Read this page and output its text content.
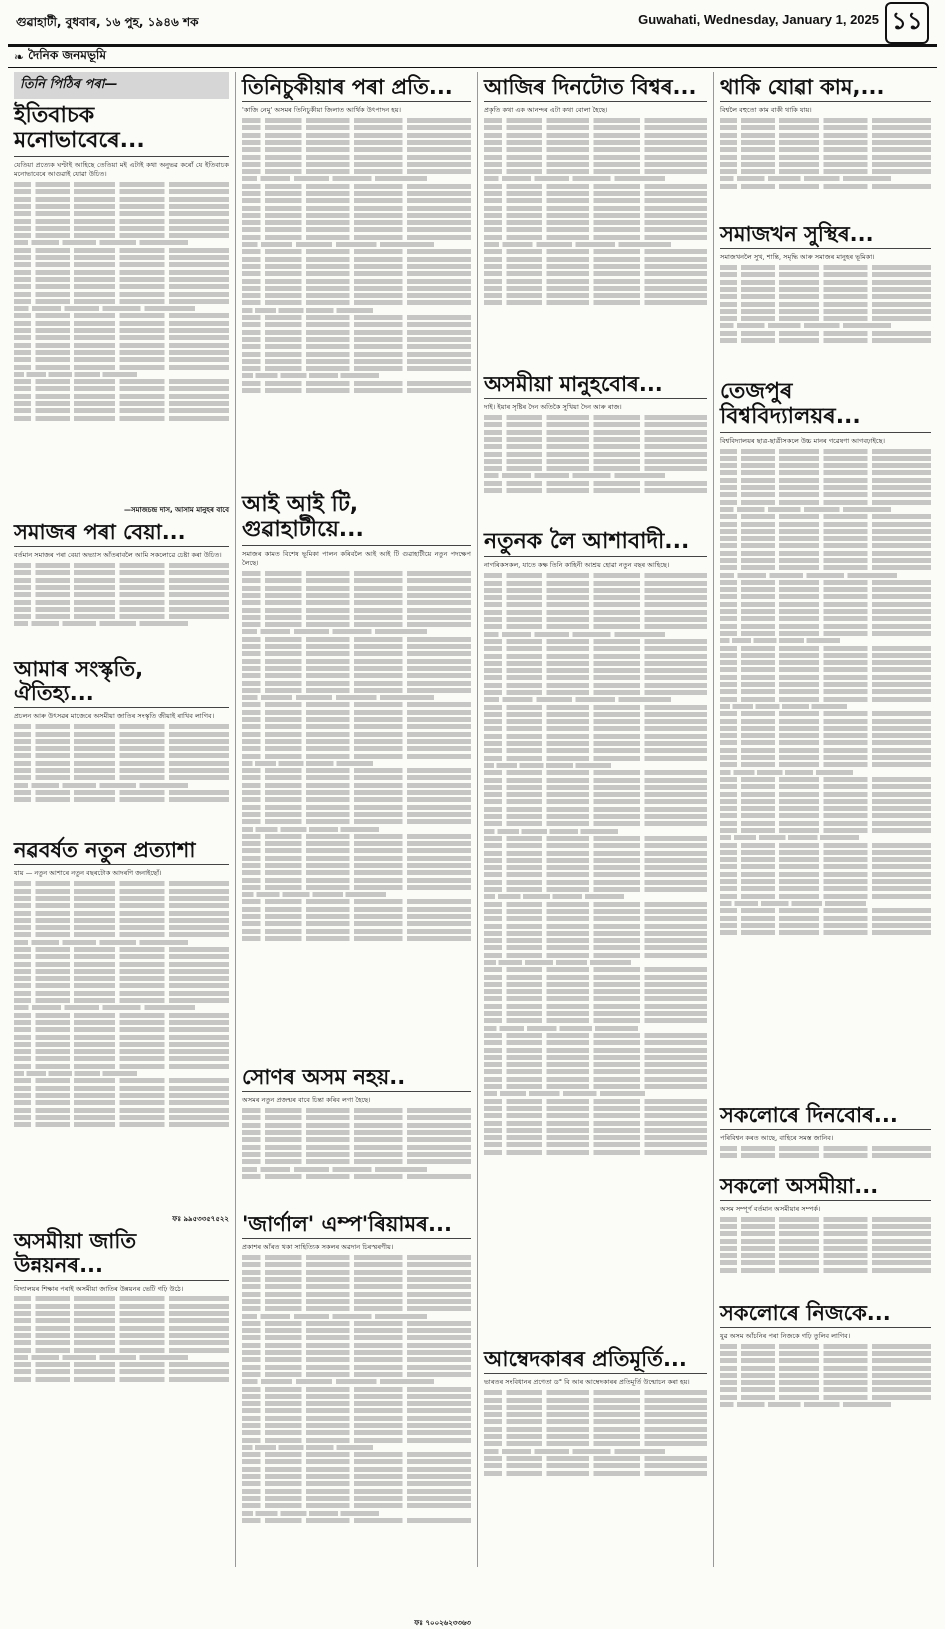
গুৱাহাটী, বুধবাৰ, ১৬ পুহ, ১৯৪৬ শক	Guwahati, Wednesday, January 1, 2025 ১১
❧ দৈনিক জনমভূমি
তিনি পিঠিৰ পৰা—
ইতিবাচক মনোভাবেৰে...
যেতিয়া প্ৰত্যেক ঘণ্টাই আহিছে তেতিয়া মই এটাই কথা অনুভৱ কৰোঁ যে ইতিবাচক মনোভাবেৰে আগুৱাই যোৱা উচিত।
—সমাজচন্দ্ৰ দাস, আসাম মানুহৰ বাবে
সমাজৰ পৰা বেয়া...
বৰ্তমান সমাজৰ পৰা বেয়া অভ্যাস আঁতৰাবলৈ আমি সকলোৱে চেষ্টা কৰা উচিত।
আমাৰ সংস্কৃতি, ঐতিহ্য...
প্ৰচলন আৰু উৎসৱৰ মাজেৰে অসমীয়া জাতিৰ সংস্কৃতি জীয়াই ৰাখিব লাগিব।
নৱবৰ্ষত নতুন প্ৰত্যাশা
যায় — নতুন আশাৰে নতুন বছৰটোক আদৰণি জনাইছোঁ।
ফঃ ৯৯৫৩৩৫৭৫২২
অসমীয়া জাতি উন্নয়নৰ...
বিদ্যালয়ৰ শিক্ষাৰ পৰাই অসমীয়া জাতিৰ উন্নয়নৰ ভেটি গঢ়ি উঠে।
তিনিচুকীয়াৰ পৰা প্ৰতি...
'কাজি নেমু' অসমৰ তিনিচুকীয়া জিলাত আৰ্থিক উৎপাদন হয়।
আই আই টি, গুৱাহাটীয়ে...
সমাজৰ কামত বিশেষ ভূমিকা পালন কৰিবলৈ আই আই টি গুৱাহাটীয়ে নতুন পদক্ষেপ লৈছে।
সোণৰ অসম নহয়..
অসমৰ নতুন প্ৰজন্মৰ বাবে চিন্তা কৰিব লগা হৈছে।
'জাৰ্ণাল' এম্প'ৰিয়ামৰ...
প্ৰকাশৰ আঁৰত থকা সাহিত্যিক সকলৰ অৱদান চিৰস্মৰণীয়।
ফঃ ৭০০২৬২৩৩৬৩
আজিৰ দিনটোত বিশ্বৰ...
প্ৰকৃতি কথা এক আনন্দৰ এটা কথা বোলা হৈছে।
অসমীয়া মানুহবোৰ...
দাই। ইয়াৰ সৃষ্টিৰ দৈন অতিকৈ সুখিয়া দৈন আৰু ৰাজ।
নতুনক লৈ আশাবাদী...
নাগৰিকসকল, যাতে কক্ষ তিনি কাহিনী আশ্ৰয় হোৱা নতুন বছৰ আহিছে।
আম্বেদকাৰৰ প্ৰতিমূৰ্তি...
ভাৰতৰ সংবিধানৰ প্ৰণেতা ড° বি আৰ আম্বেদকাৰৰ প্ৰতিমূৰ্তি উন্মোচন কৰা হয়।
থাকি যোৱা কাম,...
বিশ্বলৈ বহুতো কাম বাকী থাকি যায়।
সমাজখন সুস্থিৰ...
সমাজখনলৈ সুখ, শান্তি, সমৃদ্ধি আৰু সমাজৰ মানুহৰ ভূমিকা।
তেজপুৰ বিশ্ববিদ্যালয়ৰ...
বিশ্ববিদ্যালয়ৰ ছাত্ৰ-ছাত্ৰীসকলে উচ্চ মানৰ গৱেষণা আগবঢ়াইছে।
সকলোৰে দিনবোৰ...
পৰিবিশ্বন কৰত আছে, বাহিৰে সমস্ত জানিব।
সকলো অসমীয়া...
অসম সম্পূৰ্ণ বৰ্তমান অসমীয়াৰ সম্পৰ্ক।
সকলোৰে নিজকে...
যুৱ অসম আঁচনিৰ পৰা নিজকে গঢ়ি তুলিব লাগিব।
